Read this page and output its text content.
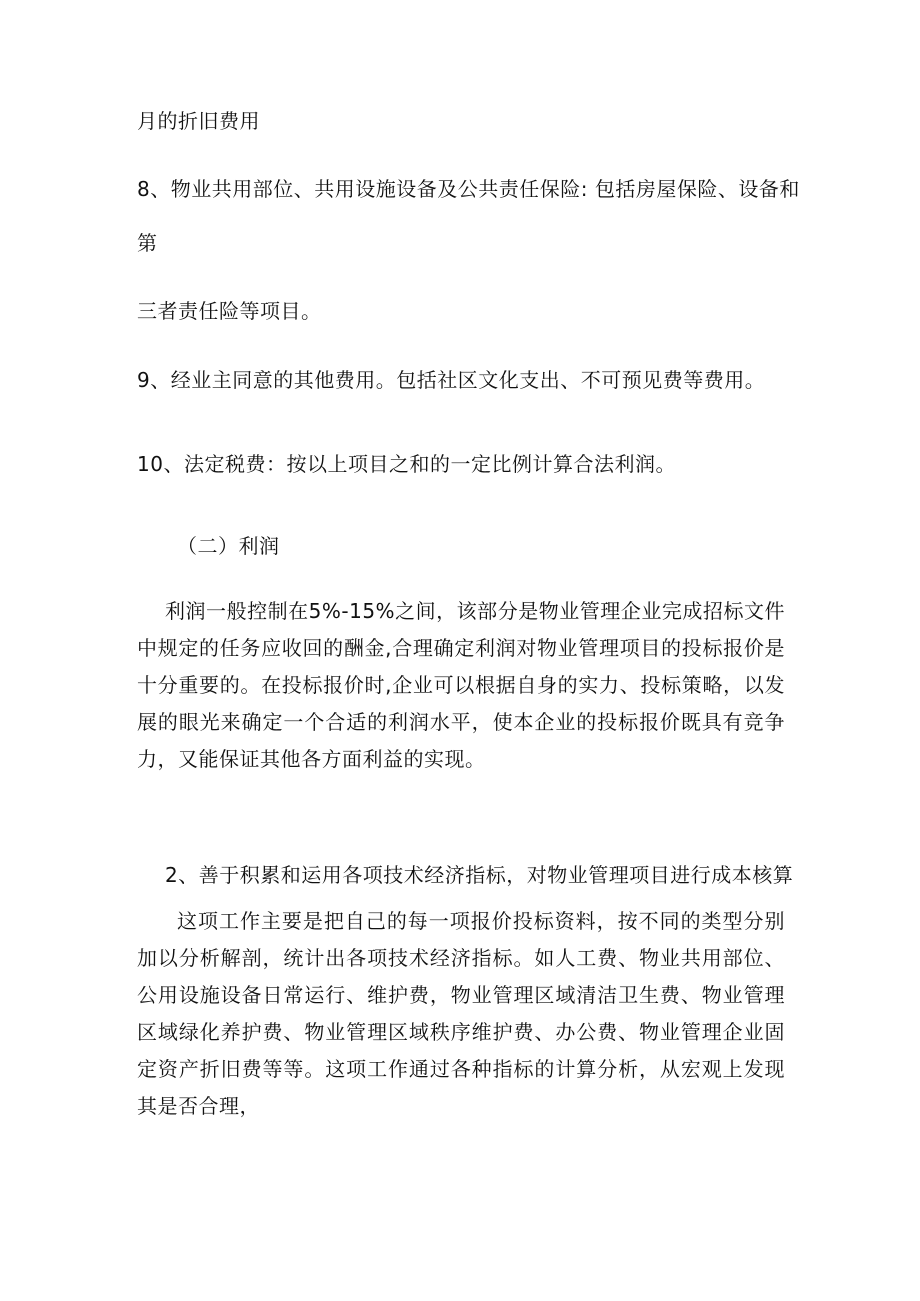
月的折旧费用
8、物业共用部位、共用设施设备及公共责任保险: 包括房屋保险、设备和
第
三者责任险等项目。
9、经业主同意的其他费用。包括社区文化支出、不可预见费等费用。
10、法定税费：按以上项目之和的一定比例计算合法利润。
（二）利润
利润一般控制在5%-15%之间，该部分是物业管理企业完成招标文件中规定的任务应收回的酬金,合理确定利润对物业管理项目的投标报价是十分重要的。在投标报价时,企业可以根据自身的实力、投标策略，以发展的眼光来确定一个合适的利润水平，使本企业的投标报价既具有竞争力，又能保证其他各方面利益的实现。
2、善于积累和运用各项技术经济指标，对物业管理项目进行成本核算
这项工作主要是把自己的每一项报价投标资料，按不同的类型分别加以分析解剖，统计出各项技术经济指标。如人工费、物业共用部位、公用设施设备日常运行、维护费，物业管理区域清洁卫生费、物业管理区域绿化养护费、物业管理区域秩序维护费、办公费、物业管理企业固定资产折旧费等等。这项工作通过各种指标的计算分析，从宏观上发现其是否合理，
